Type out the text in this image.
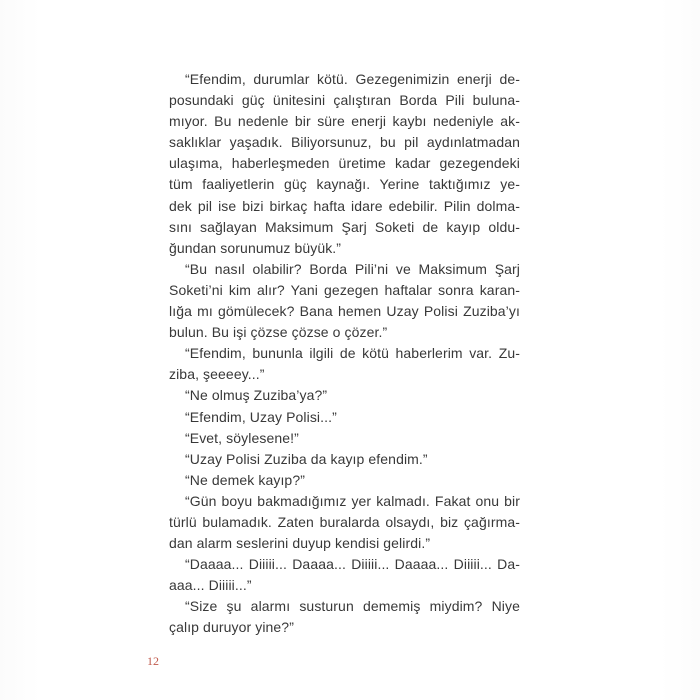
“Efendim, durumlar kötü. Gezegenimizin enerji de-
posundaki güç ünitesini çalıştıran Borda Pili buluna-
mıyor. Bu nedenle bir süre enerji kaybı nedeniyle ak-
saklıklar yaşadık. Biliyorsunuz, bu pil aydınlatmadan
ulaşıma, haberleşmeden üretime kadar gezegendeki
tüm faaliyetlerin güç kaynağı. Yerine taktığımız ye-
dek pil ise bizi birkaç hafta idare edebilir. Pilin dolma-
sını sağlayan Maksimum Şarj Soketi de kayıp oldu-
ğundan sorunumuz büyük.”
“Bu nasıl olabilir? Borda Pili’ni ve Maksimum Şarj
Soketi’ni kim alır? Yani gezegen haftalar sonra karan-
lığa mı gömülecek? Bana hemen Uzay Polisi Zuziba’yı
bulun. Bu işi çözse çözse o çözer.”
“Efendim, bununla ilgili de kötü haberlerim var. Zu-
ziba, şeeeey...”
“Ne olmuş Zuziba’ya?”
“Efendim, Uzay Polisi...”
“Evet, söylesene!”
“Uzay Polisi Zuziba da kayıp efendim.”
“Ne demek kayıp?”
“Gün boyu bakmadığımız yer kalmadı. Fakat onu bir
türlü bulamadık. Zaten buralarda olsaydı, biz çağırma-
dan alarm seslerini duyup kendisi gelirdi.”
“Daaaa... Diiiii... Daaaa... Diiiii... Daaaa... Diiiii... Da-
aaa... Diiiii...”
“Size şu alarmı susturun dememiş miydim? Niye
çalıp duruyor yine?”
12
